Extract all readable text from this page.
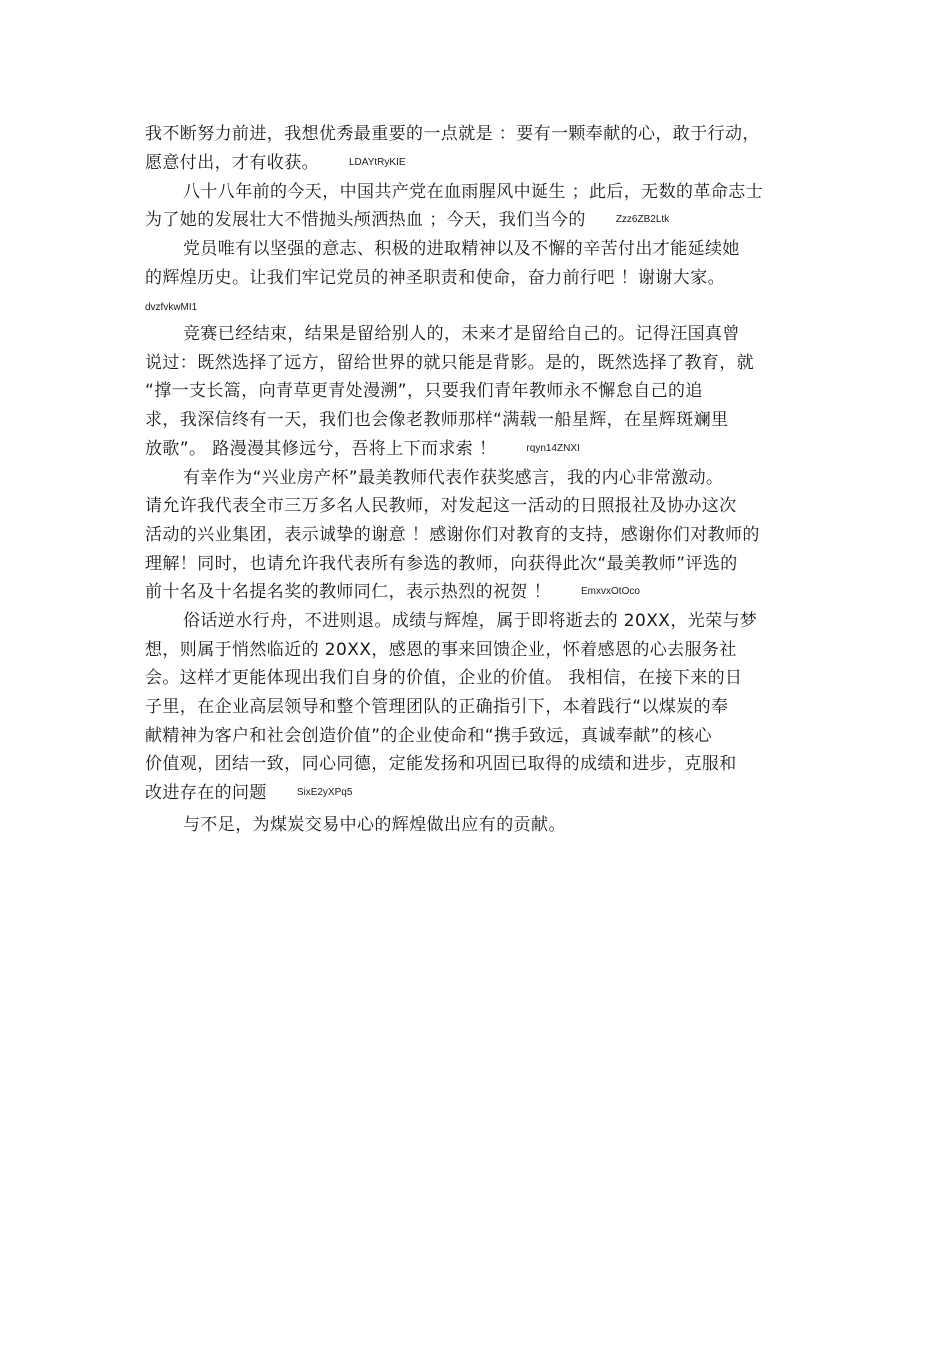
我不断努力前进，我想优秀最重要的一点就是 ：要有一颗奉献的心，敢于行动，
愿意付出，才有收获。	LDAYtRyKIE
八十八年前的今天，中国共产党在血雨腥风中诞生 ；此后，无数的革命志士
为了她的发展壮大不惜抛头颅洒热血 ；今天，我们当今的	Zzz6ZB2Ltk
党员唯有以坚强的意志、积极的进取精神以及不懈的辛苦付出才能延续她
的辉煌历史。让我们牢记党员的神圣职责和使命，奋力前行吧 ！谢谢大家。
dvzfvkwMI1
竞赛已经结束，结果是留给别人的，未来才是留给自己的。记得汪国真曾
说过：既然选择了远方，留给世界的就只能是背影。是的，既然选择了教育，就
“撑一支长篙，向青草更青处漫溯”，只要我们青年教师永不懈怠自己的追
求，我深信终有一天，我们也会像老教师那样“满载一船星辉，在星辉斑斓里
放歌”。 路漫漫其修远兮，吾将上下而求索 ！	rqyn14ZNXI
有幸作为“兴业房产杯”最美教师代表作获奖感言，我的内心非常激动。
请允许我代表全市三万多名人民教师，对发起这一活动的日照报社及协办这次
活动的兴业集团，表示诚挚的谢意 ！感谢你们对教育的支持，感谢你们对教师的
理解！同时，也请允许我代表所有参选的教师，向获得此次“最美教师”评选的
前十名及十名提名奖的教师同仁，表示热烈的祝贺 ！	EmxvxOtOco
俗话逆水行舟，不进则退。成绩与辉煌，属于即将逝去的 20XX，光荣与梦
想，则属于悄然临近的 20XX，感恩的事来回馈企业，怀着感恩的心去服务社
会。这样才更能体现出我们自身的价值，企业的价值。 我相信，在接下来的日
子里，在企业高层领导和整个管理团队的正确指引下，本着践行“以煤炭的奉
献精神为客户和社会创造价值”的企业使命和“携手致远，真诚奉献”的核心
价值观，团结一致，同心同德，定能发扬和巩固已取得的成绩和进步，克服和
改进存在的问题	SixE2yXPq5
与不足，为煤炭交易中心的辉煌做出应有的贡献。
